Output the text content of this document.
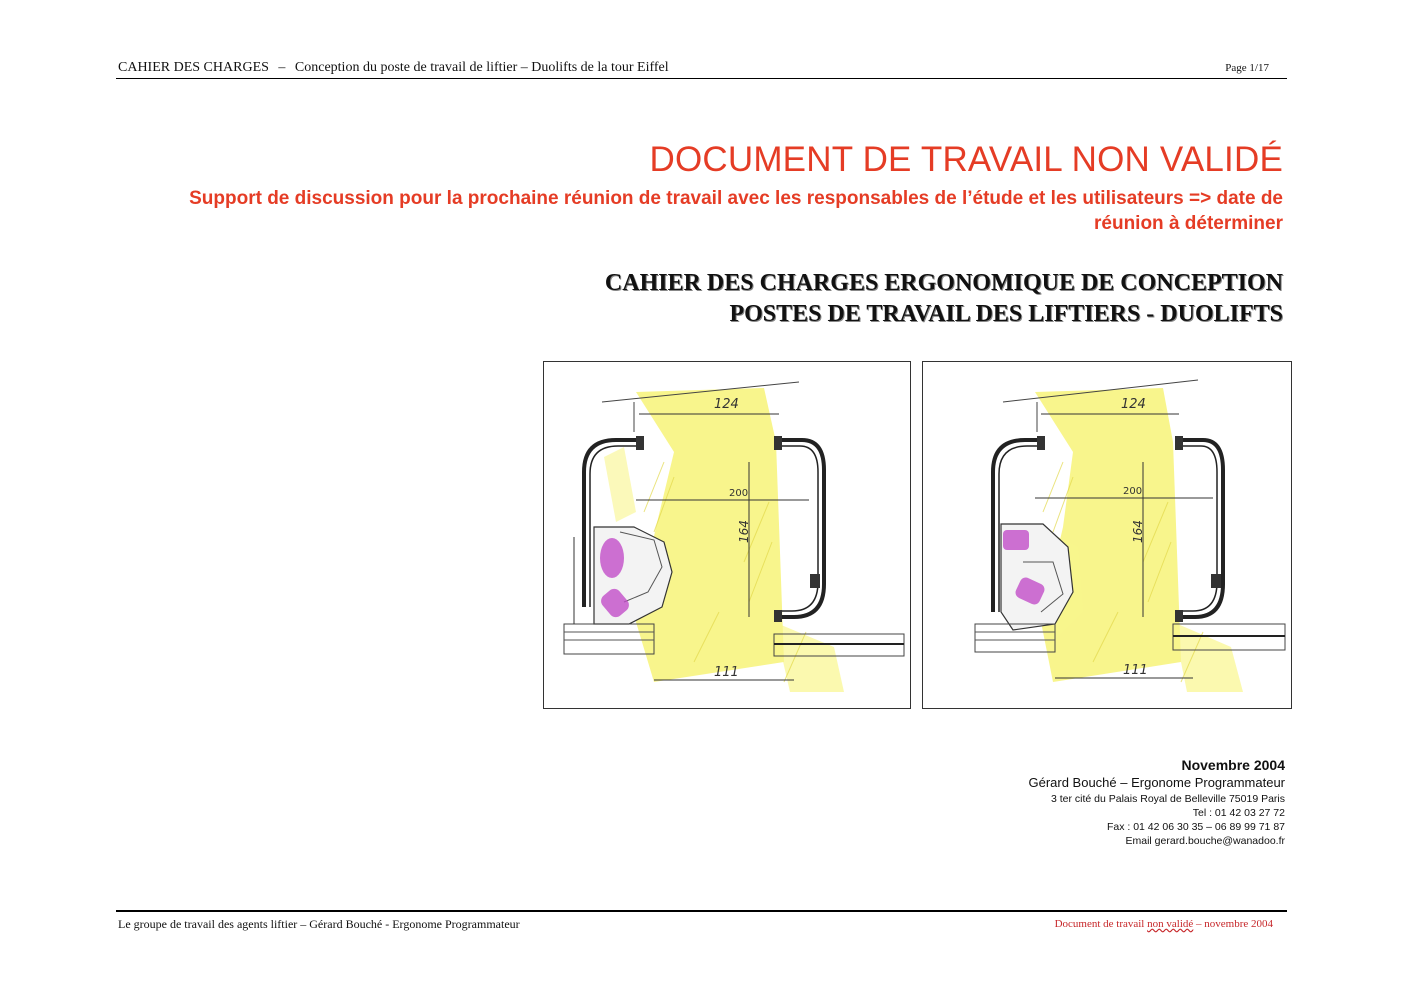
CAHIER DES CHARGES – Conception du poste de travail de liftier – Duolifts de la tour Eiffel	Page 1/17
DOCUMENT DE TRAVAIL NON VALIDÉ
Support de discussion pour la prochaine réunion de travail avec les responsables de l’étude et les utilisateurs => date de réunion à déterminer
CAHIER DES CHARGES ERGONOMIQUE DE CONCEPTION
POSTES DE TRAVAIL DES LIFTIERS - DUOLIFTS
124
200
164
111
124
200
164
111
Novembre 2004
Gérard Bouché – Ergonome Programmateur
3 ter cité du Palais Royal de Belleville 75019 Paris
Tel : 01 42 03 27 72
Fax : 01 42 06 30 35 – 06 89 99 71 87
Email gerard.bouche@wanadoo.fr
Le groupe de travail des agents liftier – Gérard Bouché - Ergonome Programmateur	Document de travail non validé – novembre 2004
